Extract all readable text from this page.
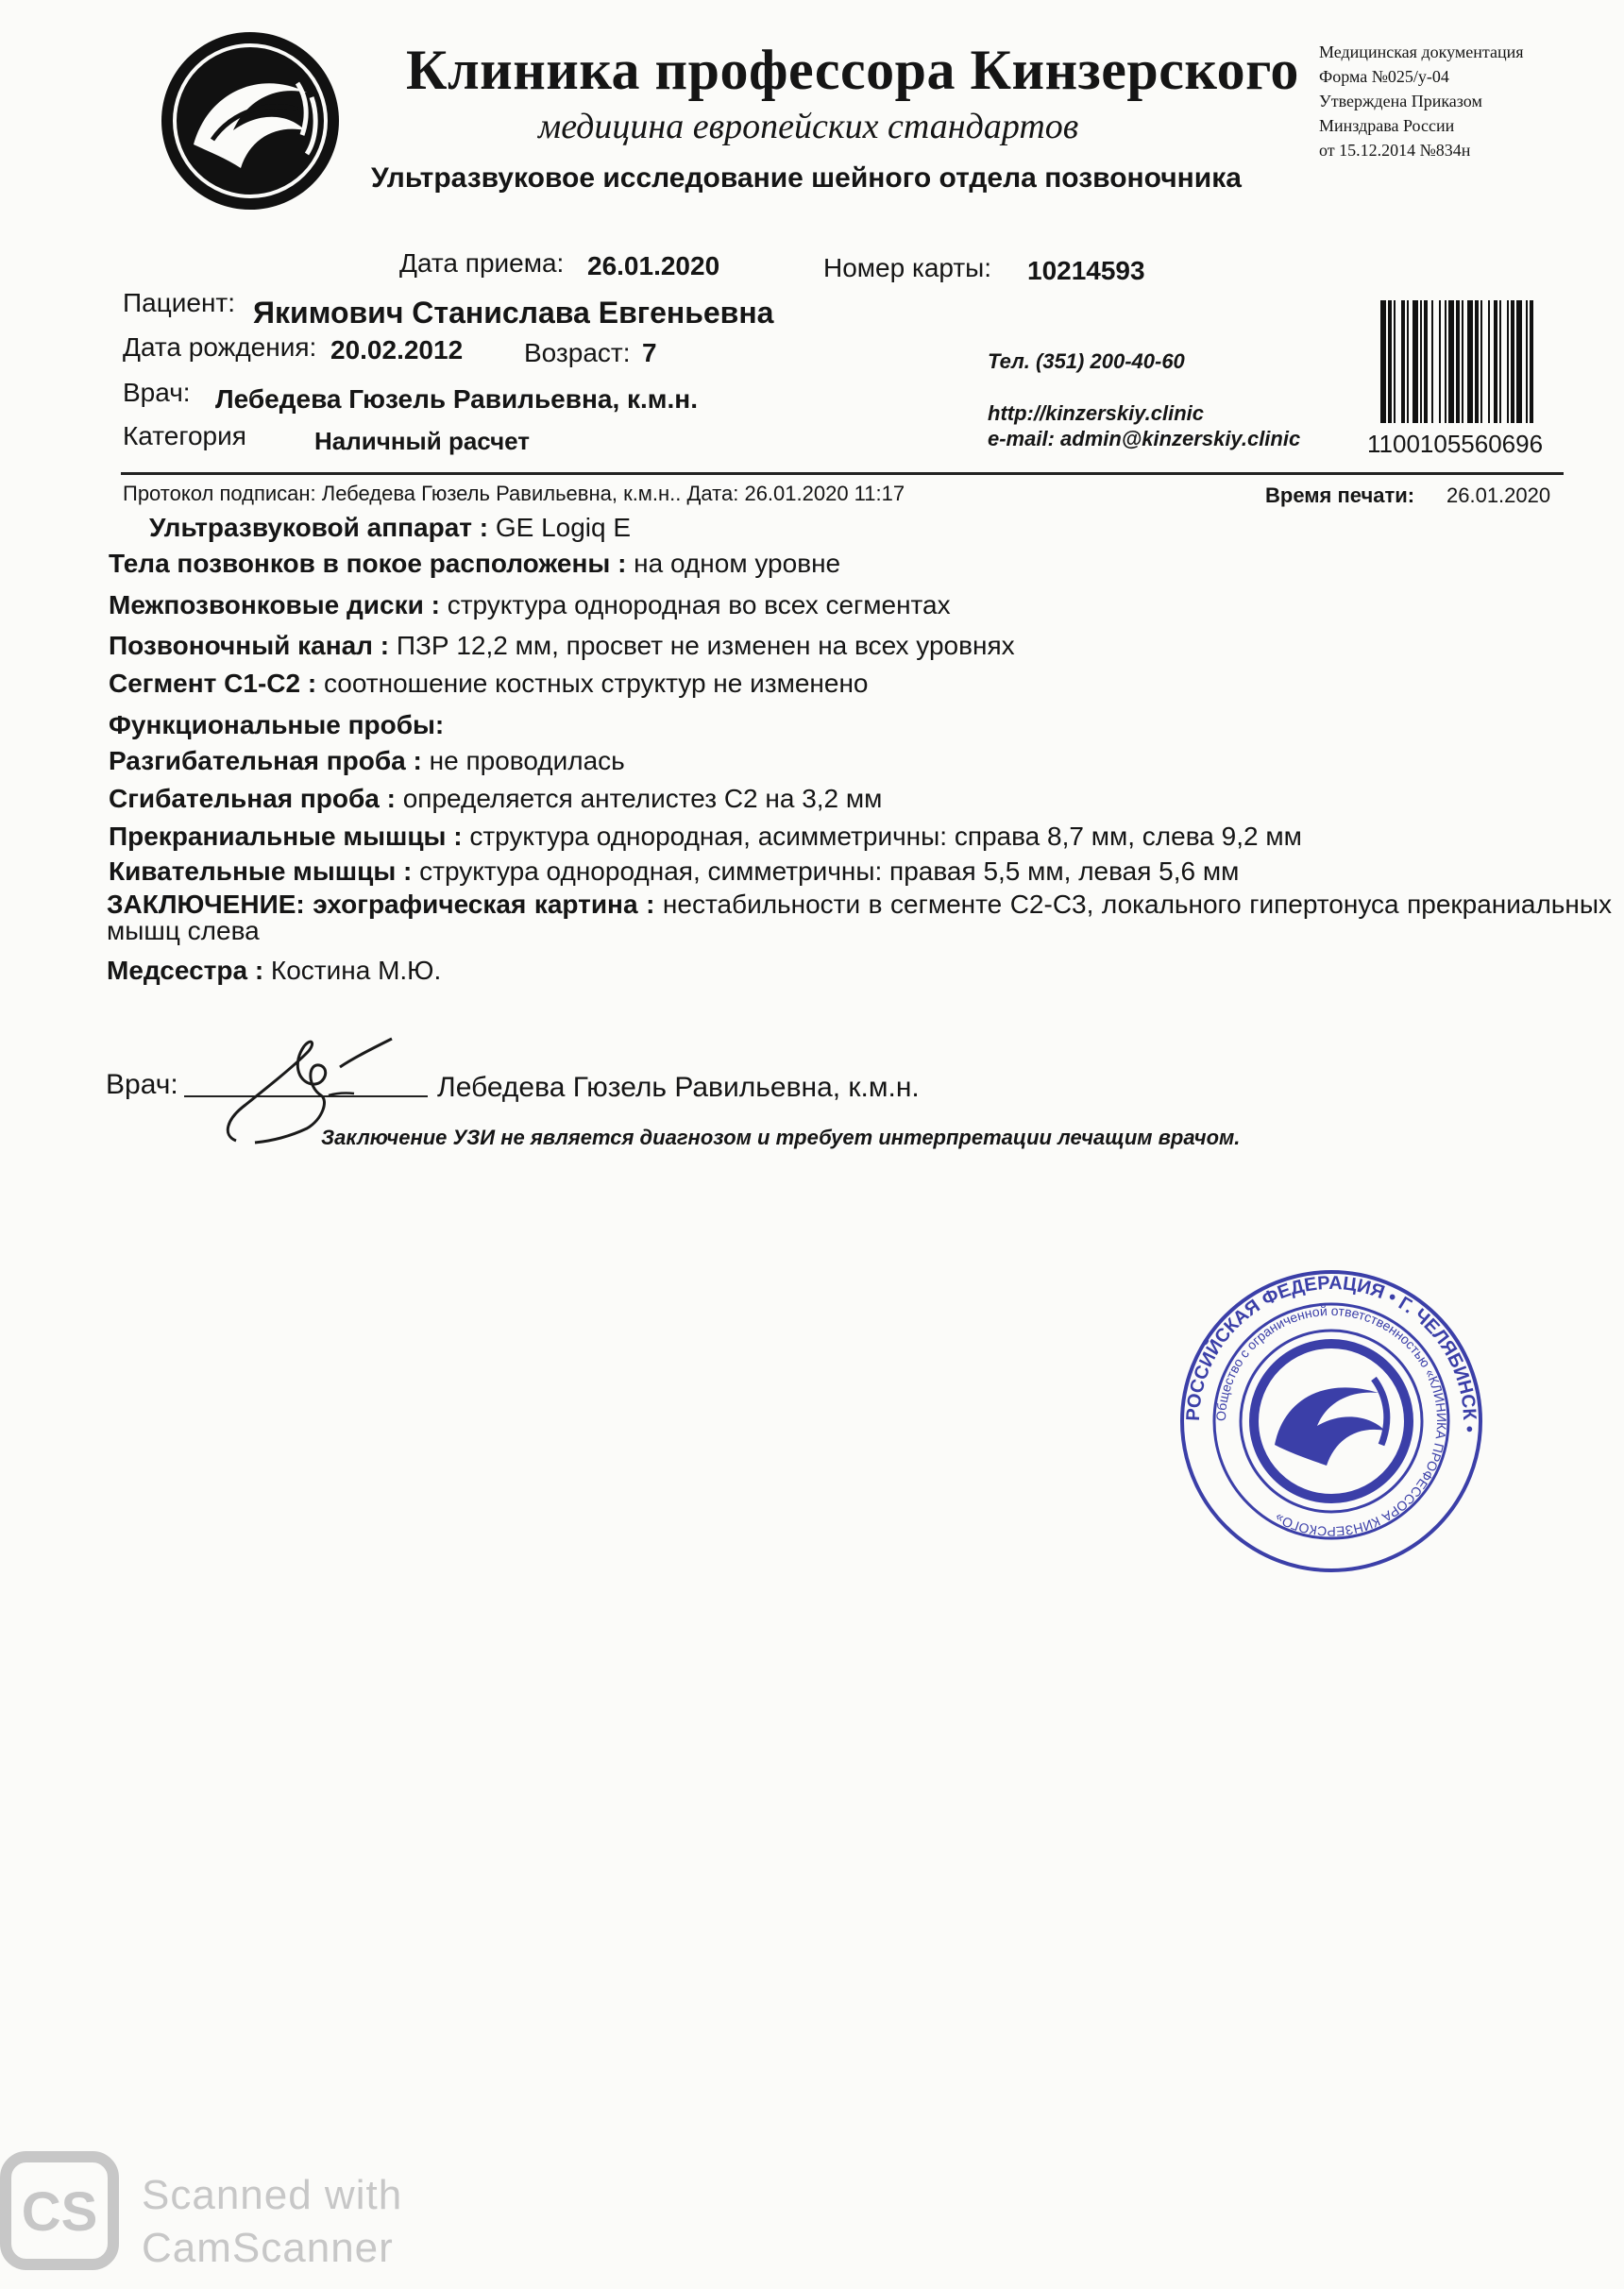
Клиника профессора Кинзерского
медицина европейских стандартов
Ультразвуковое исследование шейного отдела позвоночника
Медицинская документация
Форма №025/у-04
Утверждена Приказом
Минздрава России
от 15.12.2014 №834н
Дата приема: 26.01.2020	Номер карты: 10214593
Пациент: Якимович Станислава Евгеньевна
Дата рождения: 20.02.2012 Возраст: 7
Врач: Лебедева Гюзель Равильевна, к.м.н.
Категория	Наличный расчет
Тел. (351) 200-40-60
http://kinzerskiy.clinic
e-mail: admin@kinzerskiy.clinic	1100105560696
Протокол подписан: Лебедева Гюзель Равильевна, к.м.н.. Дата: 26.01.2020 11:17	Время печати: 26.01.2020
Ультразвуковой аппарат : GE Logiq E
Тела позвонков в покое расположены : на одном уровне
Межпозвонковые диски : структура однородная во всех сегментах
Позвоночный канал : ПЗР 12,2 мм, просвет не изменен на всех уровнях
Сегмент С1-С2 : соотношение костных структур не изменено
Функциональные пробы:
Разгибательная проба : не проводилась
Сгибательная проба : определяется антелистез С2 на 3,2 мм
Прекраниальные мышцы : структура однородная, асимметричны: справа 8,7 мм, слева 9,2 мм
Кивательные мышцы : структура однородная, симметричны: правая 5,5 мм, левая 5,6 мм
ЗАКЛЮЧЕНИЕ: эхографическая картина : нестабильности в сегменте С2-С3, локального гипертонуса прекраниальных мышц слева
Медсестра : Костина М.Ю.
Врач:	Лебедева Гюзель Равильевна, к.м.н.
Заключение УЗИ не является диагнозом и требует интерпретации лечащим врачом.
РОССИЙСКАЯ ФЕДЕРАЦИЯ • Г. ЧЕЛЯБИНСК •
Общество с ограниченной ответственностью «КЛИНИКА ПРОФЕССОРА КИНЗЕРСКОГО»
CS Scanned with
CamScanner
